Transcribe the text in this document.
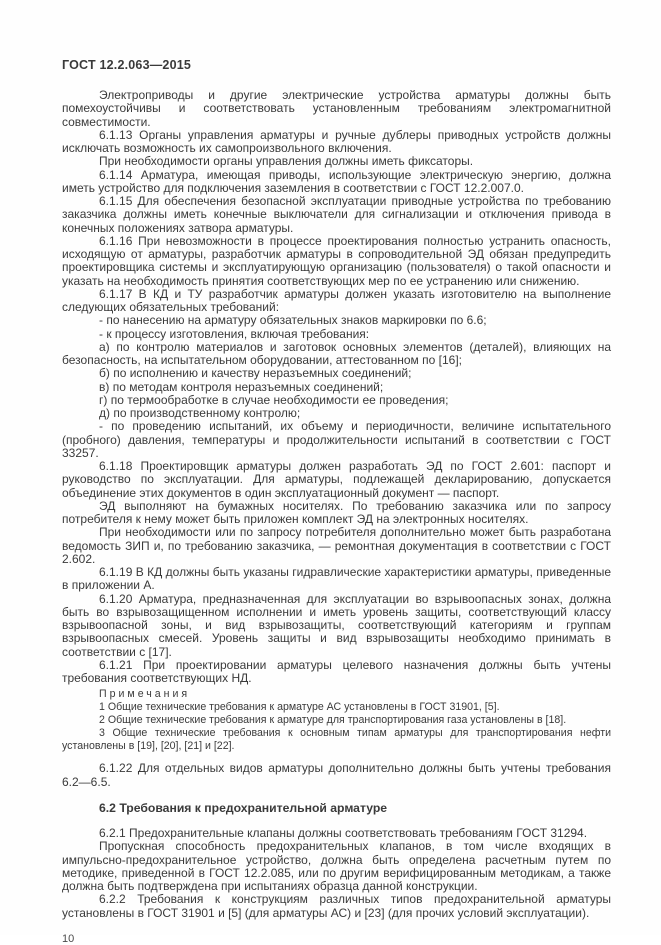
ГОСТ 12.2.063—2015

Электроприводы и другие электрические устройства арматуры должны быть помехоустойчивы и соответствовать установленным требованиям электромагнитной совместимости.

6.1.13 Органы управления арматуры и ручные дублеры приводных устройств должны исключать возможность их самопроизвольного включения.

При необходимости органы управления должны иметь фиксаторы.

6.1.14 Арматура, имеющая приводы, использующие электрическую энергию, должна иметь устройство для подключения заземления в соответствии с ГОСТ 12.2.007.0.

6.1.15 Для обеспечения безопасной эксплуатации приводные устройства по требованию заказчика должны иметь конечные выключатели для сигнализации и отключения привода в конечных положениях затвора арматуры.

6.1.16 При невозможности в процессе проектирования полностью устранить опасность, исходящую от арматуры, разработчик арматуры в сопроводительной ЭД обязан предупредить проектировщика системы и эксплуатирующую организацию (пользователя) о такой опасности и указать на необходимость принятия соответствующих мер по ее устранению или снижению.

6.1.17 В КД и ТУ разработчик арматуры должен указать изготовителю на выполнение следующих обязательных требований:

- по нанесению на арматуру обязательных знаков маркировки по 6.6;

- к процессу изготовления, включая требования:

а) по контролю материалов и заготовок основных элементов (деталей), влияющих на безопасность, на испытательном оборудовании, аттестованном по [16];

б) по исполнению и качеству неразъемных соединений;

в) по методам контроля неразъемных соединений;

г) по термообработке в случае необходимости ее проведения;

д) по производственному контролю;

- по проведению испытаний, их объему и периодичности, величине испытательного (пробного) давления, температуры и продолжительности испытаний в соответствии с ГОСТ 33257.

6.1.18 Проектировщик арматуры должен разработать ЭД по ГОСТ 2.601: паспорт и руководство по эксплуатации. Для арматуры, подлежащей декларированию, допускается объединение этих документов в один эксплуатационный документ — паспорт.

ЭД выполняют на бумажных носителях. По требованию заказчика или по запросу потребителя к нему может быть приложен комплект ЭД на электронных носителях.

При необходимости или по запросу потребителя дополнительно может быть разработана ведомость ЗИП и, по требованию заказчика, — ремонтная документация в соответствии с ГОСТ 2.602.

6.1.19 В КД должны быть указаны гидравлические характеристики арматуры, приведенные в приложении А.

6.1.20 Арматура, предназначенная для эксплуатации во взрывоопасных зонах, должна быть во взрывозащищенном исполнении и иметь уровень защиты, соответствующий классу взрывоопасной зоны, и вид взрывозащиты, соответствующий категориям и группам взрывоопасных смесей. Уровень защиты и вид взрывозащиты необходимо принимать в соответствии с [17].

6.1.21 При проектировании арматуры целевого назначения должны быть учтены требования соответствующих НД.

Примечания

1 Общие технические требования к арматуре АС установлены в ГОСТ 31901, [5].

2 Общие технические требования к арматуре для транспортирования газа установлены в [18].

3 Общие технические требования к основным типам арматуры для транспортирования нефти установлены в [19], [20], [21] и [22].

6.1.22 Для отдельных видов арматуры дополнительно должны быть учтены требования 6.2—6.5.

6.2 Требования к предохранительной арматуре

6.2.1 Предохранительные клапаны должны соответствовать требованиям ГОСТ 31294.

Пропускная способность предохранительных клапанов, в том числе входящих в импульсно-предохранительное устройство, должна быть определена расчетным путем по методике, приведенной в ГОСТ 12.2.085, или по другим верифицированным методикам, а также должна быть подтверждена при испытаниях образца данной конструкции.

6.2.2 Требования к конструкциям различных типов предохранительной арматуры установлены в ГОСТ 31901 и [5] (для арматуры АС) и [23] (для прочих условий эксплуатации).

10
